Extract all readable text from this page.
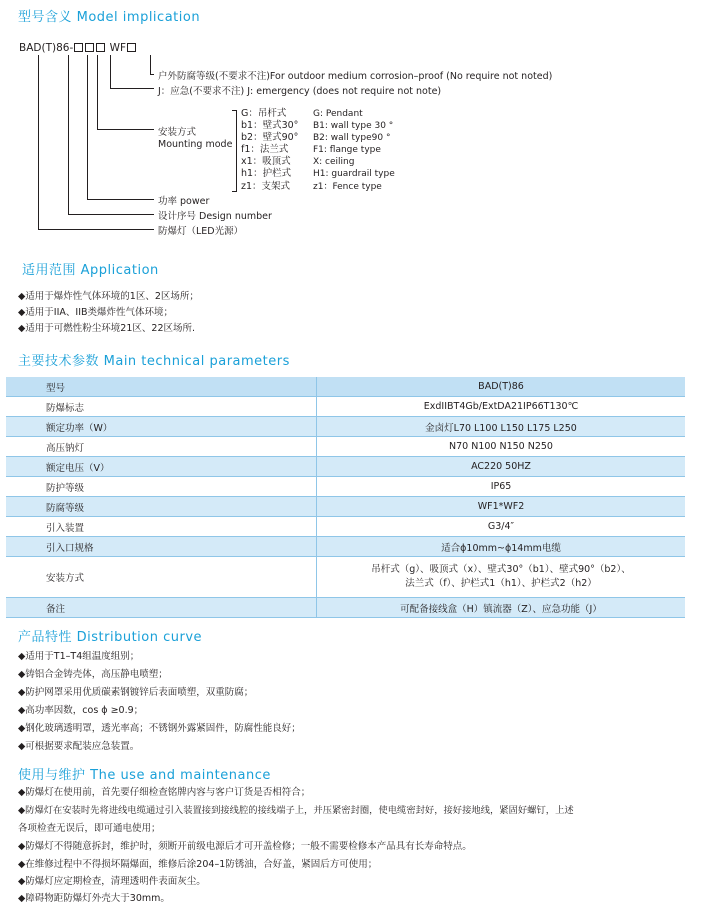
型号含义 Model implication
BAD(T)86-	WF
户外防腐等级(不要求不注)For outdoor medium corrosion–proof (No require not noted)
J：应急(不要求不注) J: emergency (does not require not note)
安装方式
Mounting mode
G：吊杆式
b1：壁式30°
b2：壁式90°
f1：法兰式
x1：吸顶式
h1：护栏式
z1：支架式
G: Pendant
B1: wall type 30 °
B2: wall type90 °
F1: flange type
X: ceiling
H1: guardrail type
z1：Fence type
功率 power
设计序号 Design number
防爆灯（LED光源）
适用范围 Application
◆适用于爆炸性气体环境的1区、2区场所；
◆适用于IIA、IIB类爆炸性气体环境；
◆适用于可燃性粉尘环境21区、22区场所.
主要技术参数 Main technical parameters
型号	BAD(T)86
防爆标志	ExdIIBT4Gb/ExtDA21IP66T130℃
额定功率（W）	金卤灯L70 L100 L150 L175 L250
高压钠灯	N70 N100 N150 N250
额定电压（V）	AC220 50HZ
防护等级	IP65
防腐等级	WF1*WF2
引入装置	G3/4″
引入口规格	适合ϕ10mm~ϕ14mm电缆
安装方式	吊杆式（g）、吸顶式（x）、壁式30°（b1）、壁式90°（b2）、
法兰式（f）、护栏式1（h1）、护栏式2（h2）

备注	可配备接线盒（H）镇流器（Z）、应急功能（J）
产品特性 Distribution curve
◆适用于T1–T4组温度组别；
◆铸铝合金铸壳体，高压静电喷塑；
◆防护网罩采用优质碳素钢镀锌后表面喷塑，双重防腐；
◆高功率因数，cos ϕ ≥0.9；
◆钢化玻璃透明罩，透光率高；不锈钢外露紧固件，防腐性能良好；
◆可根据要求配装应急装置。
使用与维护 The use and maintenance
◆防爆灯在使用前，首先要仔细检查铭牌内容与客户订货是否相符合；
◆防爆灯在安装时先将进线电缆通过引入装置接到接线腔的接线端子上，并压紧密封圈，使电缆密封好，接好接地线，紧固好螺钉，上述
各项检查无误后，即可通电使用；
◆防爆灯不得随意拆封，维护时，须断开前级电源后才可开盖检修；一般不需要检修本产品具有长寿命特点。
◆在维修过程中不得损坏隔爆面，维修后涂204–1防锈油，合好盖，紧固后方可使用；
◆防爆灯应定期检查，清理透明件表面灰尘。
◆障碍物距防爆灯外壳大于30mm。
